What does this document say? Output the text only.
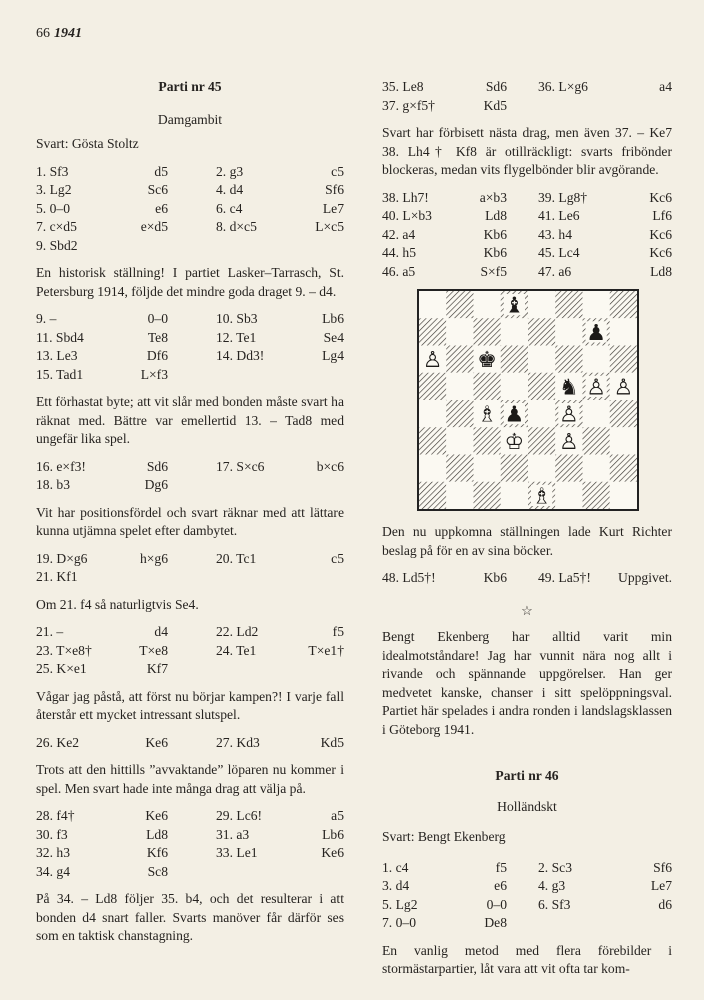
66 1941
Parti nr 45
Damgambit
Svart: Gösta Stoltz
1. Sf3	d5	2. g3	c5
3. Lg2	Sc6	4. d4	Sf6
5. 0–0	e6	6. c4	Le7
7. c×d5	e×d5	8. d×c5	L×c5
9. Sbd2

En historisk ställning! I partiet Lasker–Tarrasch, St. Petersburg 1914, följde det mindre goda draget 9. – d4.

9. –	0–0	10. Sb3	Lb6
11. Sbd4	Te8	12. Te1	Se4
13. Le3	Df6	14. Dd3!	Lg4
15. Tad1	L×f3

Ett förhastat byte; att vit slår med bonden måste svart ha räknat med. Bättre var emellertid 13. – Tad8 med ungefär lika spel.

16. e×f3!	Sd6	17. S×c6	b×c6
18. b3	Dg6

Vit har positionsfördel och svart räknar med att lättare kunna utjämna spelet efter dambytet.

19. D×g6	h×g6	20. Tc1	c5
21. Kf1

Om 21. f4 så naturligtvis Se4.

21. –	d4	22. Ld2	f5
23. T×e8†	T×e8	24. Te1	T×e1†
25. K×e1	Kf7

Vågar jag påstå, att först nu börjar kampen?! I varje fall återstår ett mycket intressant slutspel.

26. Ke2	Ke6	27. Kd3	Kd5

Trots att den hittills ”avvaktande” löparen nu kommer i spel. Men svart hade inte många drag att välja på.

28. f4†	Ke6	29. Lc6!	a5
30. f3	Ld8	31. a3	Lb6
32. h3	Kf6	33. Le1	Ke6
34. g4	Sc8

På 34. – Ld8 följer 35. b4, och det resulterar i att bonden d4 snart faller. Svarts manöver får därför ses som en taktisk chanstagning.

35. Le8	Sd6 36. L×g6	a4
37. g×f5†	Kd5

Svart har förbisett nästa drag, men även 37. – Ke7 38. Lh4† Kf8 är otillräckligt: svarts fribönder blockeras, medan vits flygelbönder blir avgörande.

38. Lh7!	a×b3 39. Lg8†	Kc6
40. L×b3	Ld8 41. Le6	Lf6
42. a4	Kb6 43. h4	Kc6
44. h5	Kb6 45. Lc4	Kc6
46. a5	S×f5 47. a6	Ld8
♝
♟
♙ ♚
♞ ♙ ♙
♗ ♟ ♙
♔ ♙
♗

Den nu uppkomna ställningen lade Kurt Richter beslag på för en av sina böcker.

48. Ld5†!	Kb6 49. La5†! Uppgivet.
☆

Bengt Ekenberg har alltid varit min idealmotståndare! Jag har vunnit nära nog allt i rivande och spännande uppgörelser. Han ger medvetet kanske, chanser i sitt spelöppningsval. Partiet här spelades i andra ronden i landslagsklassen i Göteborg 1941.

Parti nr 46
Holländskt
Svart: Bengt Ekenberg
1. c4	f5 2. Sc3	Sf6
3. d4	e6 4. g3	Le7
5. Lg2	0–0 6. Sf3	d6
7. 0–0	De8

En vanlig metod med flera förebilder i stormästarpartier, låt vara att vit ofta tar kom-
